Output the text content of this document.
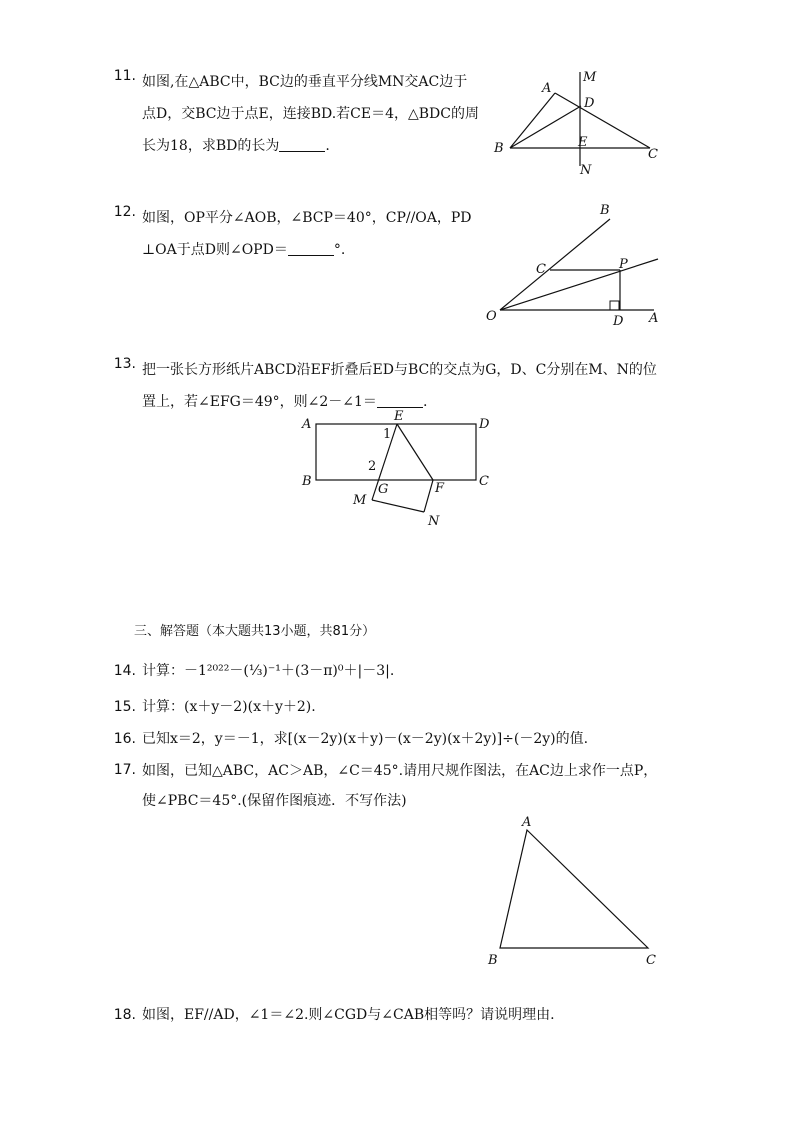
11. 如图,在△ABC中，BC边的垂直平分线MN交AC边于
点D，交BC边于点E，连接BD.若CE＝4，△BDC的周
长为18，求BD的长为	.
A
M
D
E
B	C
N
12. 如图，OP平分∠AOB，∠BCP＝40°，CP//OA，PD
⊥OA于点D则∠OPD＝	°.
B
C	P
O	D A
13. 把一张长方形纸片ABCD沿EF折叠后ED与BC的交点为G，D、C分别在M、N的位
置上，若∠EFG＝49°，则∠2－∠1＝	.
E
A	D
1
2
B	C
G	F
M
N
三、解答题（本大题共13小题，共81分）
14. 计算：－1²⁰²²－(⅓)⁻¹＋(3－π)⁰＋|－3|.
15. 计算：(x＋y－2)(x＋y＋2).
16. 已知x＝2，y＝－1，求[(x－2y)(x＋y)－(x－2y)(x＋2y)]÷(－2y)的值.
17. 如图，已知△ABC，AC＞AB，∠C＝45°.请用尺规作图法，在AC边上求作一点P，
使∠PBC＝45°.(保留作图痕迹．不写作法)
A
B	C
18. 如图，EF//AD，∠1＝∠2.则∠CGD与∠CAB相等吗？请说明理由.
